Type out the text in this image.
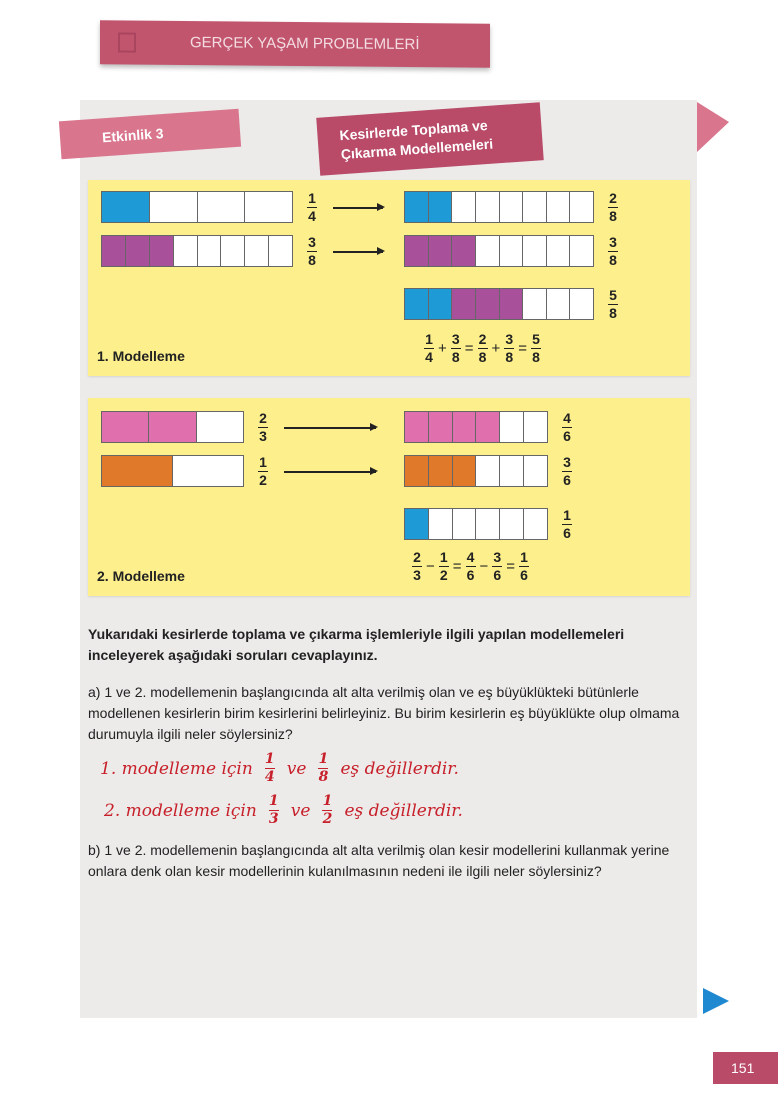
GERÇEK YAŞAM PROBLEMLERİ
Etkinlik 3	Kesirlerde Toplama ve
Çıkarma Modellemeleri
1
4
3
8
2
8
3
8
5
8
1
4 +
3
8 =
2
8 +
3
8 =
5
8
1. Modelleme
2
3
1
2
4
6
3
6
1
6
2
3 −
1
2 =
4
6 −
3
6 =
1
6
2. Modelleme
Yukarıdaki kesirlerde toplama ve çıkarma işlemleriyle ilgili yapılan modellemeleri inceleyerek aşağıdaki soruları cevaplayınız.
a) 1 ve 2. modellemenin başlangıcında alt alta verilmiş olan ve eş büyüklükteki bütünlerle modellenen kesirlerin birim kesirlerini belirleyiniz. Bu birim kesirlerin eş büyüklükte olup olmama durumuyla ilgili neler söylersiniz?
1. modelleme için 1
4 ve 1
8 eş değillerdir.
2. modelleme için 1
3 ve 1
2 eş değillerdir.
b) 1 ve 2. modellemenin başlangıcında alt alta verilmiş olan kesir modellerini kullanmak yerine onlara denk olan kesir modellerinin kulanılmasının nedeni ile ilgili neler söylersiniz?
151
